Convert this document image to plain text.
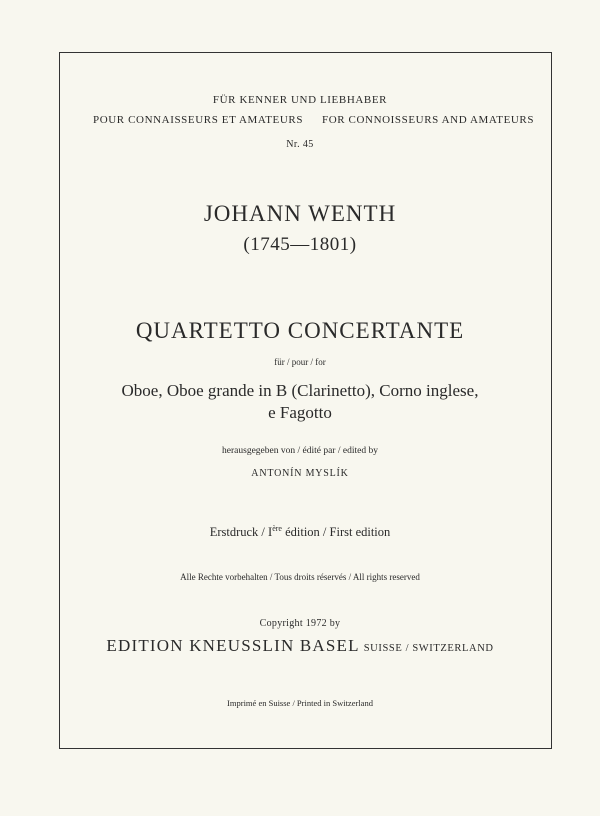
FÜR KENNER UND LIEBHABER
POUR CONNAISSEURS ET AMATEURS FOR CONNOISSEURS AND AMATEURS
Nr. 45
JOHANN WENTH
(1745—1801)
QUARTETTO CONCERTANTE
für / pour / for
Oboe, Oboe grande in B (Clarinetto), Corno inglese,
e Fagotto
herausgegeben von / édité par / edited by
ANTONÍN MYSLÍK
Erstdruck / Ière édition / First edition
Alle Rechte vorbehalten / Tous droits réservés / All rights reserved
Copyright 1972 by
EDITION KNEUSSLIN BASEL SUISSE / SWITZERLAND
Imprimé en Suisse / Printed in Switzerland
